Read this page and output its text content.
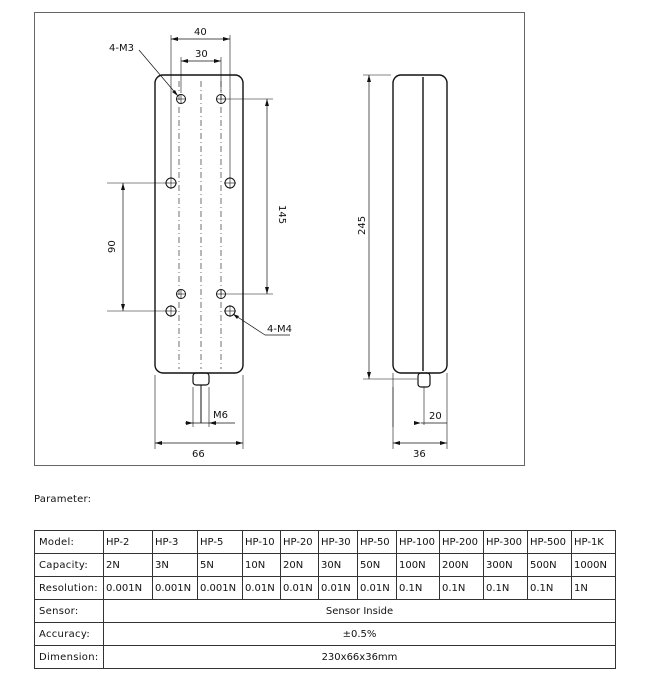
40
30
4-M3
145
90
4-M4
M6
66
245
20
36
Parameter:
Model:	HP-2	HP-3	HP-5	HP-10	HP-20	HP-30	HP-50	HP-100	HP-200	HP-300	HP-500	HP-1K
Capacity:	2N	3N	5N	10N	20N	30N	50N	100N	200N	300N	500N	1000N
Resolution:	0.001N	0.001N	0.001N	0.01N	0.01N	0.01N	0.01N	0.1N	0.1N	0.1N	0.1N	1N
Sensor:	Sensor Inside											
Accuracy:	±0.5%											
Dimension:	230x66x36mm											
